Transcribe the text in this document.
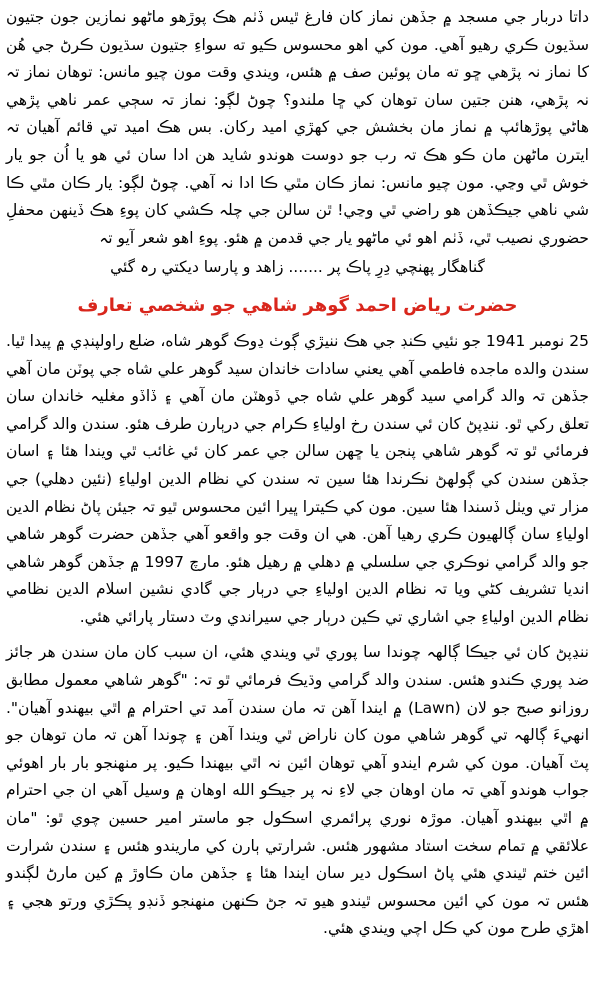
داتا دربار جي مسجد ۾ جڏهن نماز کان فارغ ٿيس ڏٺم هڪ پوڙهو ماڻهو نمازين جون جتيون سڌيون ڪري رهيو آهي. مون کي اهو محسوس ڪيو ته سواءِ جتيون سڌيون ڪرڻ جي هُن کا نماز نہ پڙهي ڇو ته مان پوئين صف ۾ هئس، ويندي وقت مون چيو مانس: توهان نماز تہ نہ پڙهي، هنن جتين سان توهان کي ڇا ملندو؟ چوڻ لڳو: نماز تہ سڄي عمر ناهي پڙهي هاڻي پوڙهائپ ۾ نماز مان بخشش جي کهڙي اميد رکان. بس هڪ اميد تي قائم آهيان تہ ايترن ماڻهن مان ڪو هڪ تہ رب جو دوست هوندو شايد هن ادا سان ئي هو يا اُن جو يار خوش ٿي وڃي. مون چيو مانس: نماز ڪان مٿي ڪا ادا نہ آهي. چوڻ لڳو: يار ڪان مٿي ڪا شي ناهي جيڪڏهن هو راضي ٿي وڃي! ٿن سالن جي چلہ ڪشي کان پوءِ هڪ ڏينهن محفلِ حضوري نصيب ٿي، ڏٺم اهو ئي ماڻهو يار جي قدمن ۾ هئو. پوءِ اهو شعر آيو تہ

گناهگار پهنچي دِرِ پاڪ پر ....... زاهد و پارسا ديکتي رہ گئي

حضرت رياض احمد گوهر شاهي جو شخصي تعارف

25 نومبر 1941 جو نئيي ڪنڊ جي هڪ ننيڙي ڳوٺ ڍوڪ گوهر شاه، ضلع راولپنڊي ۾ پيدا ٿيا. سندن والده ماجده فاطمي آهي يعني سادات خاندان سيد گوهر علي شاه جي پوٽن مان آهي جڏهن تہ والد گرامي سيد گوهر علي شاه جي ڏوهٽن مان آهي ۽ ڏاڏو مغليہ خاندان سان تعلق رکي ٿو. ننڍپڻ کان ئي سندن رخ اولياءِ ڪرام جي درٻارن طرف هئو. سندن والد گرامي فرمائي ٿو تہ گوهر شاهي پنجن يا ڇهن سالن جي عمر کان ئي غائب ٿي ويندا هئا ۽ اسان جڏهن سندن کي ڳولهڻ نڪرندا هئا سين تہ سندن کي نظام الدين اولياءِ (نئين دهلي) جي مزار تي ويٺل ڏسندا هئا سين. مون کي ڪيترا ڀيرا ائين محسوس ٿيو تہ جيئن پاڻ نظام الدين اولياءِ سان ڳالهيون ڪري رهيا آهن. هي ان وقت جو واقعو آهي جڏهن حضرت گوهر شاهي جو والد گرامي نوڪري جي سلسلي ۾ دهلي ۾ رهيل هئو. مارچ 1997 ۾ جڏهن گوهر شاهي انديا تشريف کڻي ويا تہ نظام الدين اولياءِ جي درٻار جي گادي نشين اسلام الدين نظامي نظام الدين اولياءِ جي اشاري تي ڪين درٻار جي سيراندي وٽ دستار پارائي هئي.

ننڍپڻ کان ئي جيڪا ڳالهہ چوندا سا پوري ٿي ويندي هئي، ان سبب کان مان سندن هر جائز ضد پوري ڪندو هئس. سندن والد گرامي وڌيڪ فرمائي ٿو تہ: "گوهر شاهي معمول مطابق روزانو صبح جو لان (Lawn) ۾ ايندا آهن تہ مان سندن آمد تي احترام ۾ اٿي بيهندو آهيان". انهيءَ ڳالهہ تي گوهر شاهي مون کان ناراض ٿي ويندا آهن ۽ چوندا آهن تہ مان توهان جو پٽ آهيان. مون کي شرم ايندو آهي توهان ائين نہ اٿي بيهندا ڪيو. پر منهنجو بار بار اهوئي جواب هوندو آهي تہ مان اوهان جي لاءِ نہ پر جيڪو الله اوهان ۾ وسيل آهي ان جي احترام ۾ اٿي بيهندو آهيان. موڙہ نوري پرائمري اسڪول جو ماستر امير حسين چوي ٿو: "مان علائقي ۾ تمام سخت استاد مشهور هئس. شرارتي ٻارن کي ماريندو هئس ۽ سندن شرارت ائين ختم ٿيندي هئي پاڻ اسڪول دير سان ايندا هئا ۽ جڏهن مان ڪاوڙ ۾ کين مارڻ لڳندو هئس تہ مون کي ائين محسوس ٿيندو هيو تہ جڻ ڪنهن منهنجو ڏنڊو پڪڙي ورتو هجي ۽ اهڙي طرح مون کي ڪل اچي ويندي هئي.
